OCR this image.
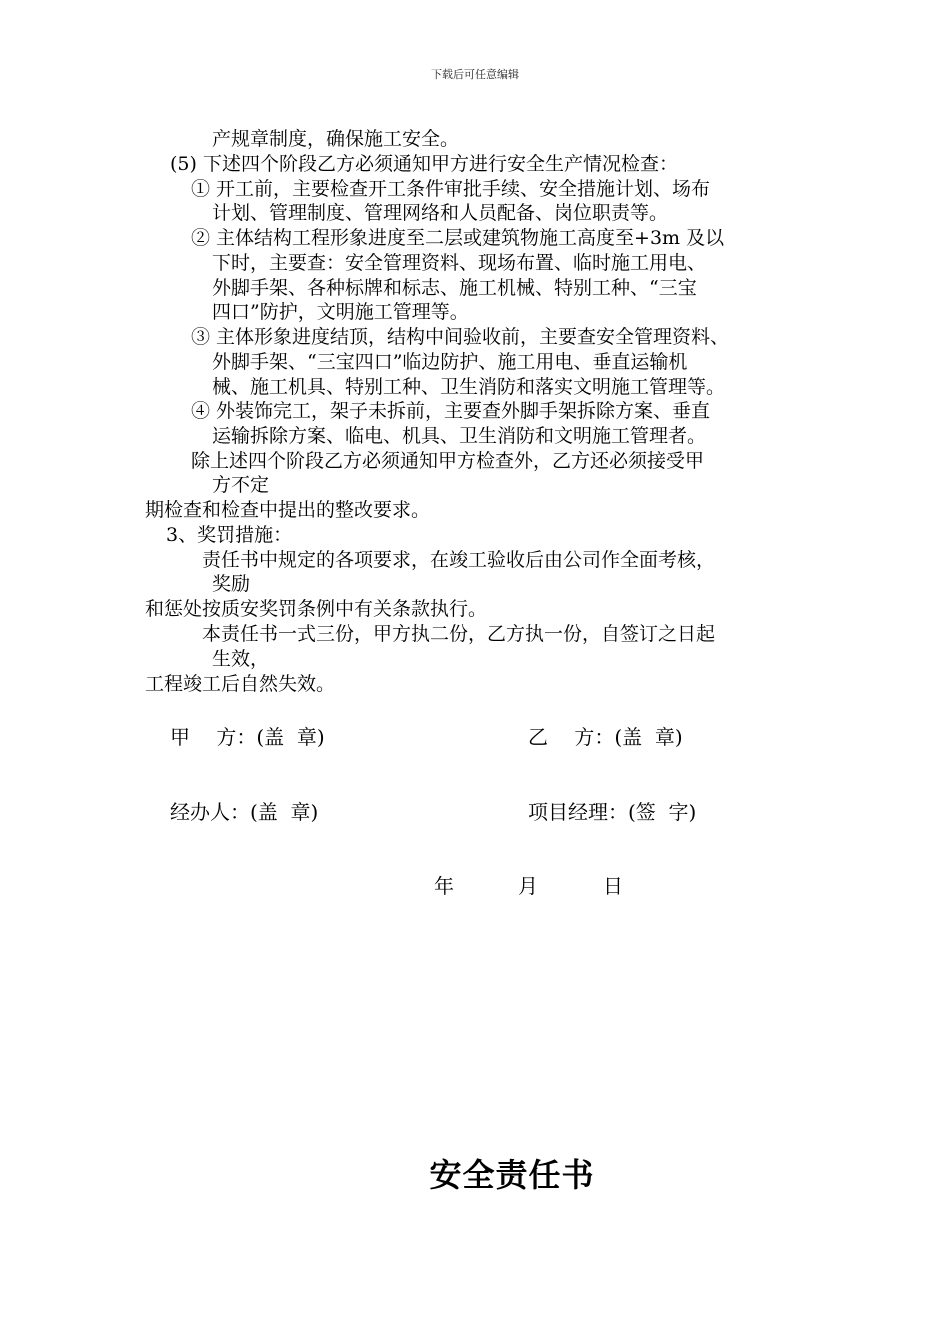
下载后可任意编辑
产规章制度，确保施工安全。
(5) 下述四个阶段乙方必须通知甲方进行安全生产情况检查：
① 开工前，主要检查开工条件审批手续、安全措施计划、场布
计划、管理制度、管理网络和人员配备、岗位职责等。
② 主体结构工程形象进度至二层或建筑物施工高度至+3m 及以
下时，主要查：安全管理资料、现场布置、临时施工用电、
外脚手架、各种标牌和标志、施工机械、特别工种、“三宝
四口”防护，文明施工管理等。
③ 主体形象进度结顶，结构中间验收前，主要查安全管理资料、
外脚手架、“三宝四口”临边防护、施工用电、垂直运输机
械、施工机具、特别工种、卫生消防和落实文明施工管理等。
④ 外装饰完工，架子未拆前，主要查外脚手架拆除方案、垂直
运输拆除方案、临电、机具、卫生消防和文明施工管理者。
除上述四个阶段乙方必须通知甲方检查外，乙方还必须接受甲
方不定
期检查和检查中提出的整改要求。
3、奖罚措施：
责任书中规定的各项要求，在竣工验收后由公司作全面考核，
奖励
和惩处按质安奖罚条例中有关条款执行。
本责任书一式三份，甲方执二份，乙方执一份，自签订之日起
生效，
工程竣工后自然失效。
甲　 方：(盖  章)	乙　 方：(盖  章)
经办人：(盖  章)	项目经理：(签  字)
年	月	日
安全责任书
